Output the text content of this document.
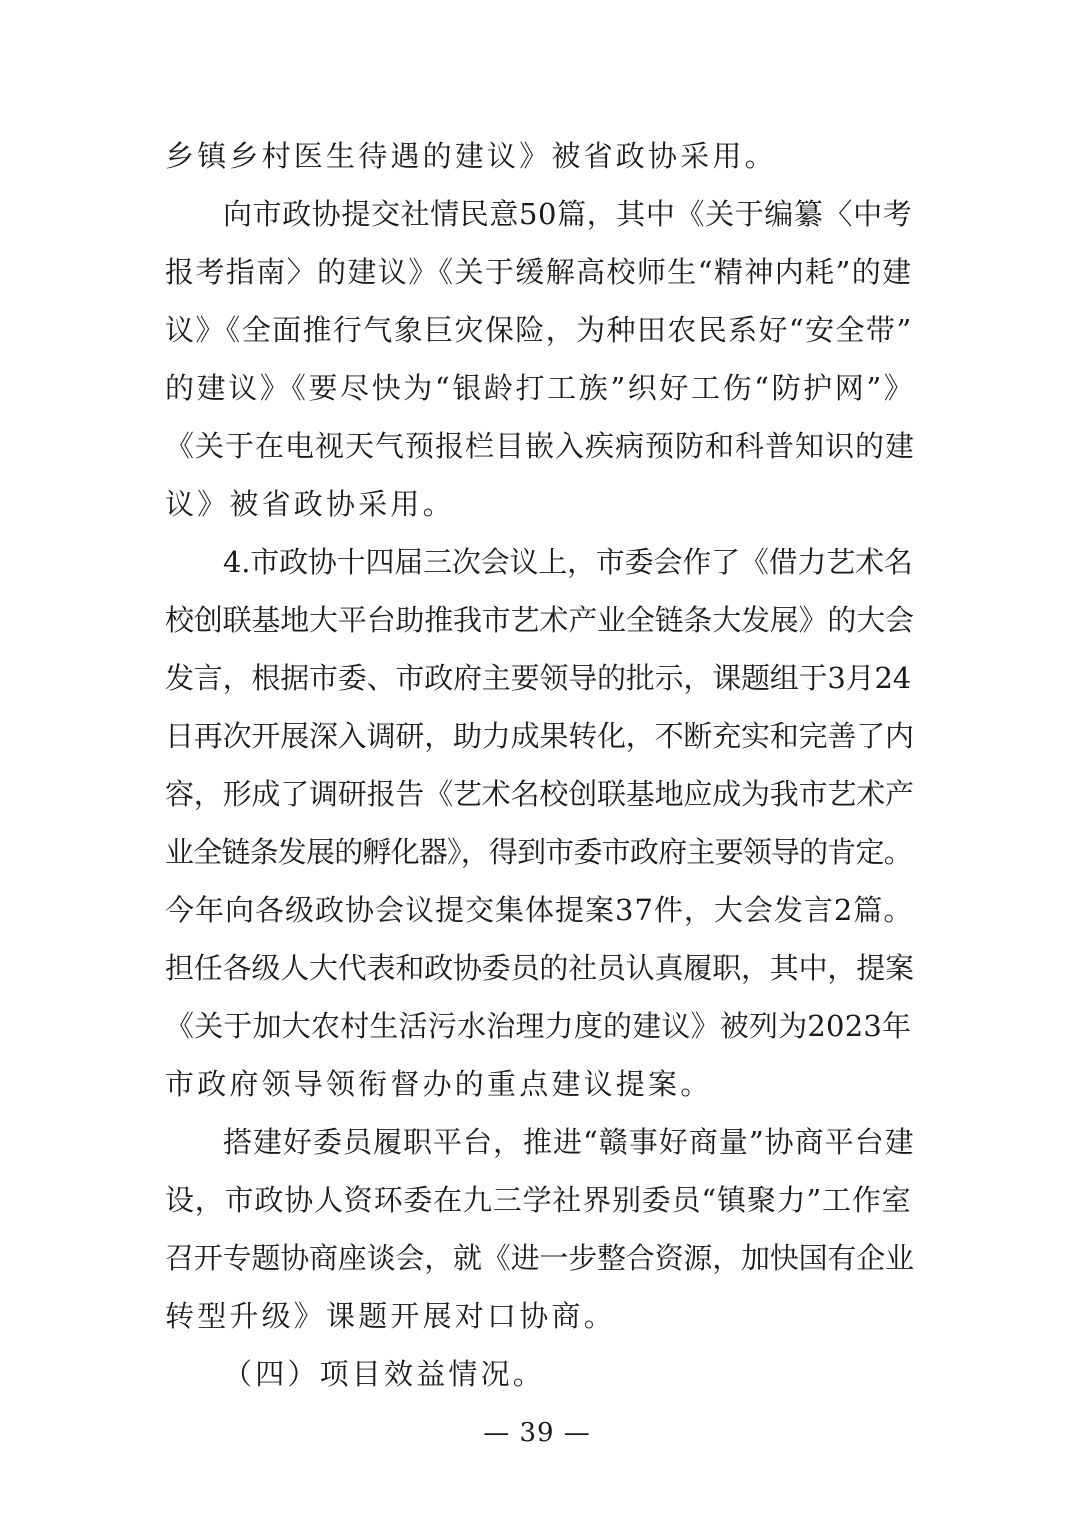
乡镇乡村医生待遇的建议》被省政协采用。
向市政协提交社情民意50篇，其中《关于编纂〈中考
报考指南〉的建议》《关于缓解高校师生“精神内耗”的建
议》《全面推行气象巨灾保险，为种田农民系好“安全带”
的建议》《要尽快为“银龄打工族”织好工伤“防护网”》
《关于在电视天气预报栏目嵌入疾病预防和科普知识的建
议》被省政协采用。
4.市政协十四届三次会议上，市委会作了《借力艺术名
校创联基地大平台助推我市艺术产业全链条大发展》的大会
发言，根据市委、市政府主要领导的批示，课题组于3月24
日再次开展深入调研，助力成果转化，不断充实和完善了内
容，形成了调研报告《艺术名校创联基地应成为我市艺术产
业全链条发展的孵化器》，得到市委市政府主要领导的肯定。
今年向各级政协会议提交集体提案37件，大会发言2篇。
担任各级人大代表和政协委员的社员认真履职，其中，提案
《关于加大农村生活污水治理力度的建议》被列为2023年
市政府领导领衔督办的重点建议提案。
搭建好委员履职平台，推进“赣事好商量”协商平台建
设，市政协人资环委在九三学社界别委员“镇聚力”工作室
召开专题协商座谈会，就《进一步整合资源，加快国有企业
转型升级》课题开展对口协商。
（四）项目效益情况。
— 39 —
